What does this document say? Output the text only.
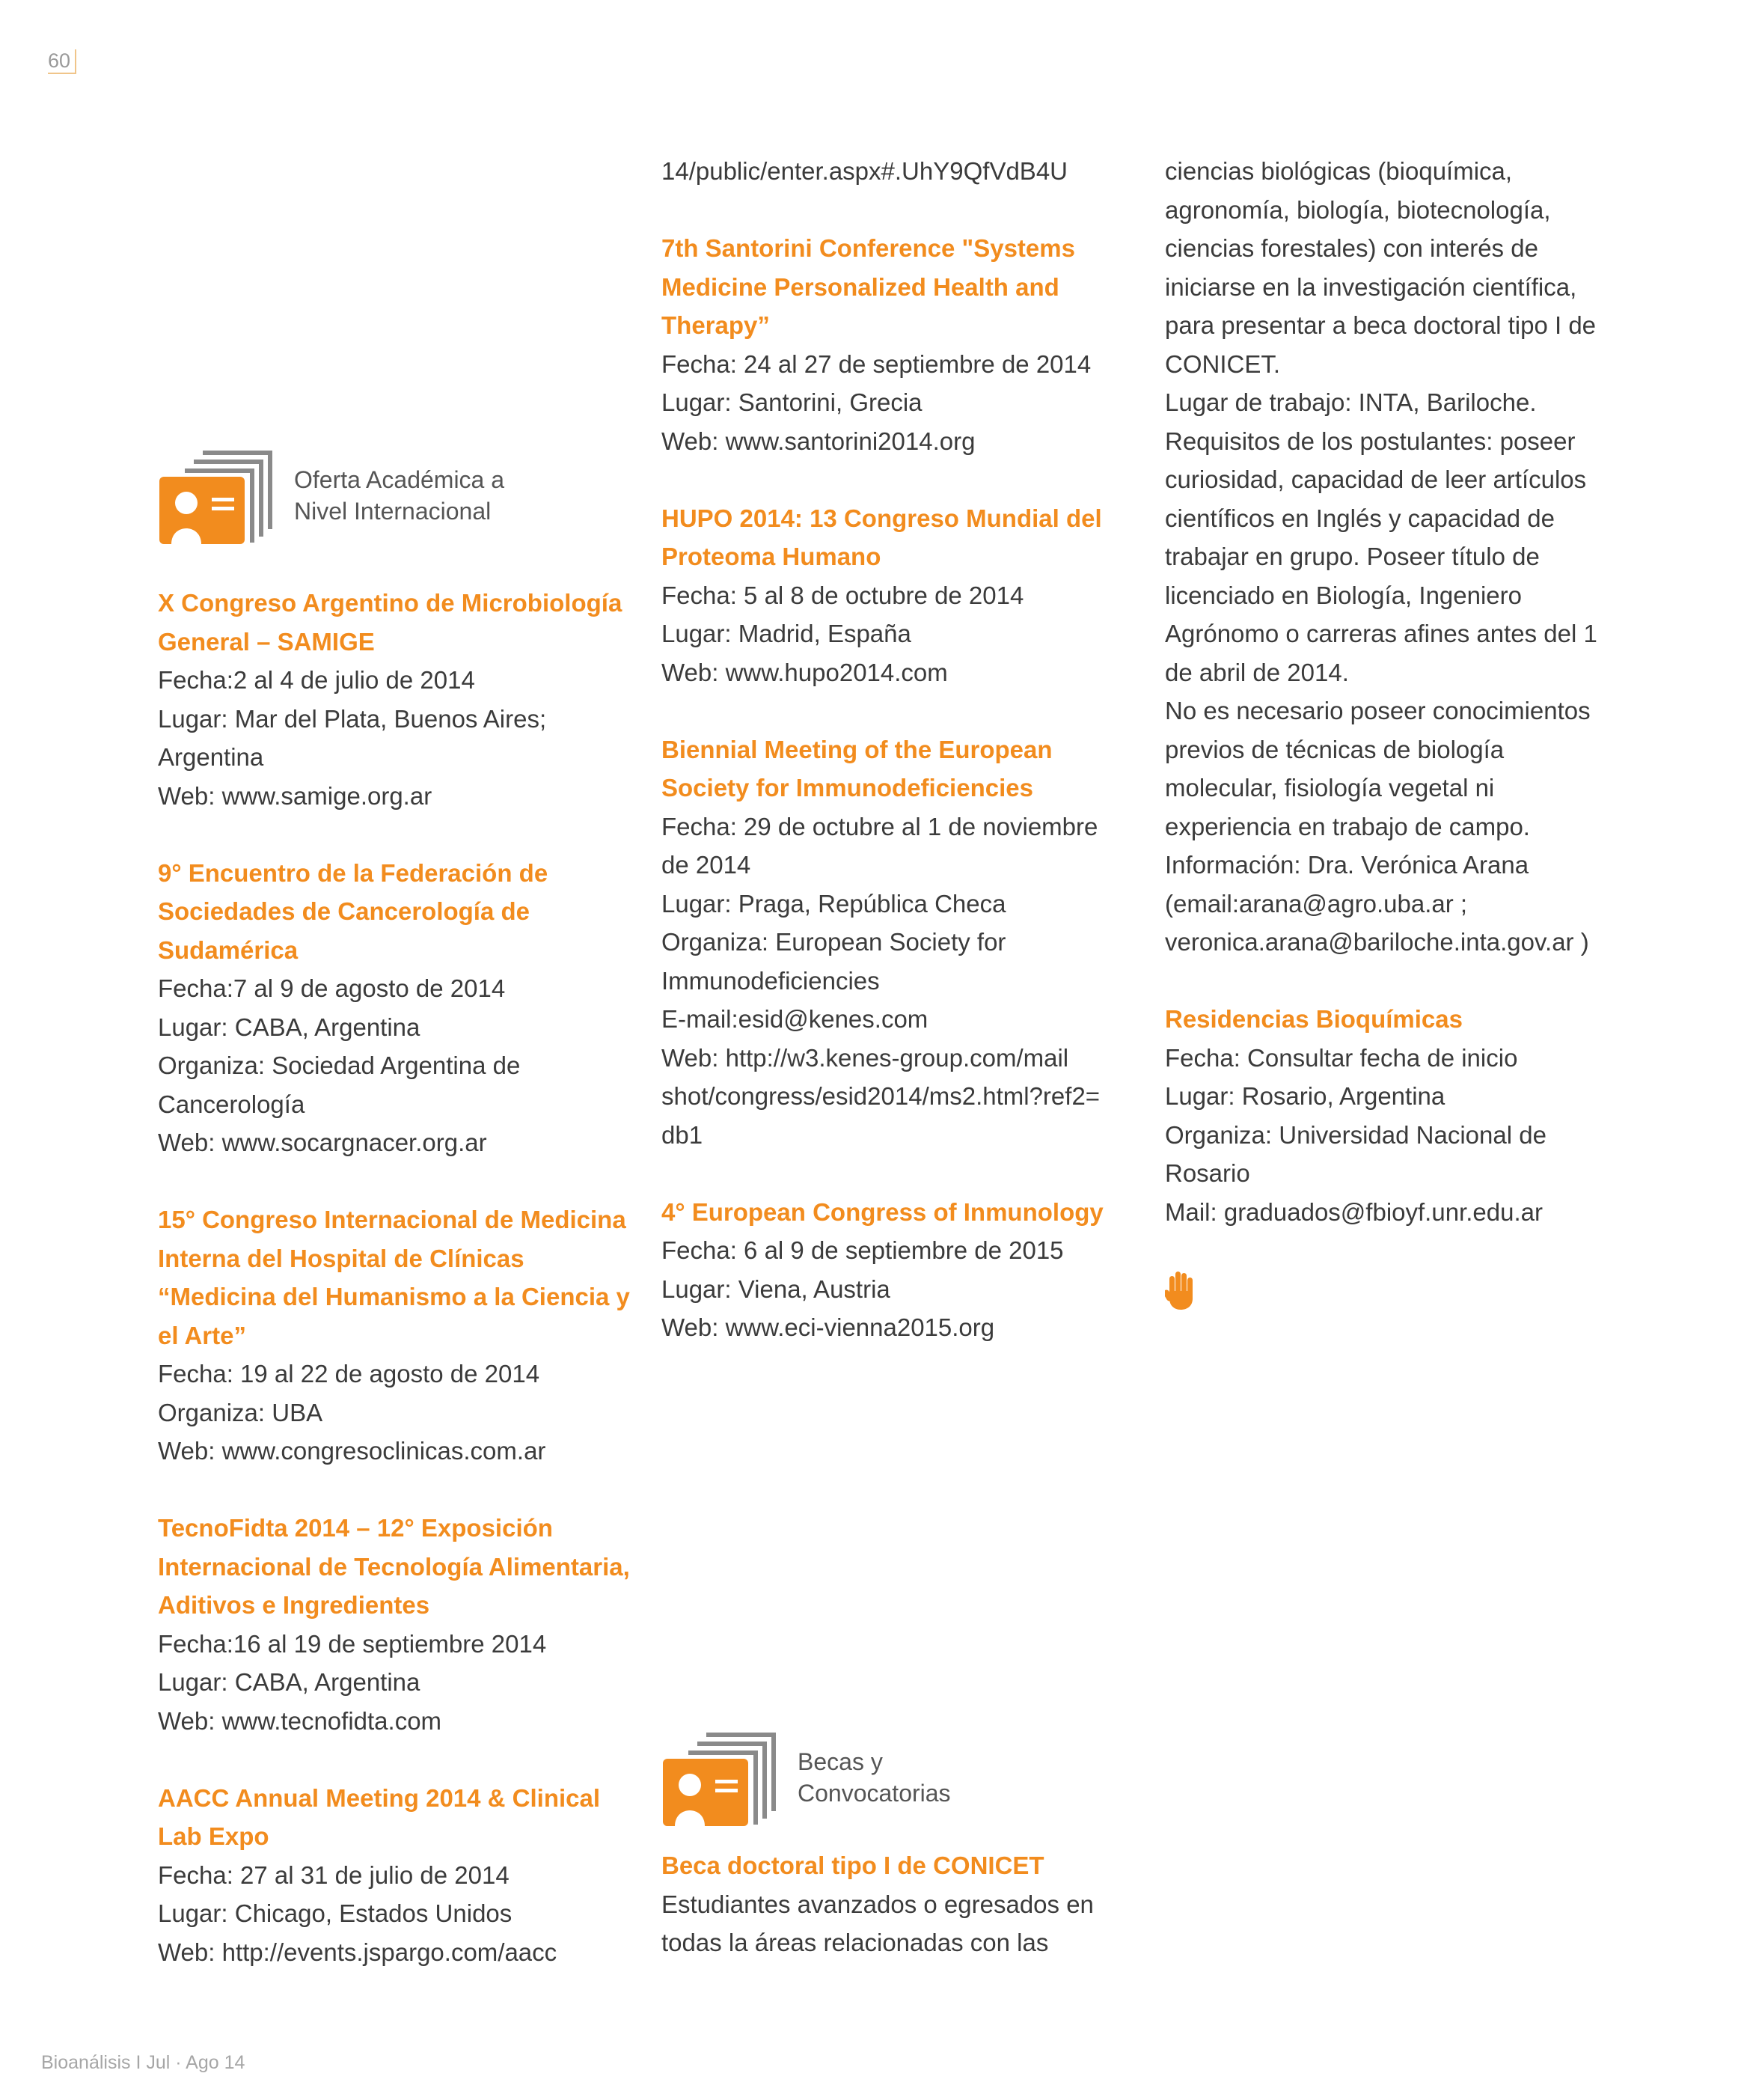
60
Oferta Académica a
Nivel Internacional
X Congreso Argentino de Microbiología
General – SAMIGE
Fecha:2 al 4 de julio de 2014
Lugar: Mar del Plata, Buenos Aires;
Argentina
Web: www.samige.org.ar
9° Encuentro de la Federación de
Sociedades de Cancerología de
Sudamérica
Fecha:7 al 9 de agosto de 2014
Lugar: CABA, Argentina
Organiza: Sociedad Argentina de
Cancerología
Web: www.socargnacer.org.ar
15° Congreso Internacional de Medicina
Interna del Hospital de Clínicas
“Medicina del Humanismo a la Ciencia y
el Arte”
Fecha: 19 al 22 de agosto de 2014
Organiza: UBA
Web: www.congresoclinicas.com.ar
TecnoFidta 2014 – 12° Exposición
Internacional de Tecnología Alimentaria,
Aditivos e Ingredientes
Fecha:16 al 19 de septiembre 2014
Lugar: CABA, Argentina
Web: www.tecnofidta.com
AACC Annual Meeting 2014 & Clinical
Lab Expo
Fecha: 27 al 31 de julio de 2014
Lugar: Chicago, Estados Unidos
Web: http://events.jspargo.com/aacc
14/public/enter.aspx#.UhY9QfVdB4U
7th Santorini Conference "Systems
Medicine Personalized Health and
Therapy”
Fecha: 24 al 27 de septiembre de 2014
Lugar: Santorini, Grecia
Web: www.santorini2014.org
HUPO 2014: 13 Congreso Mundial del
Proteoma Humano
Fecha: 5 al 8 de octubre de 2014
Lugar: Madrid, España
Web: www.hupo2014.com
Biennial Meeting of the European
Society for Immunodeficiencies
Fecha: 29 de octubre al 1 de noviembre
de 2014
Lugar: Praga, República Checa
Organiza: European Society for
Immunodeficiencies
E-mail:esid@kenes.com
Web: http://w3.kenes-group.com/mail
shot/congress/esid2014/ms2.html?ref2=
db1
4° European Congress of Inmunology
Fecha: 6 al 9 de septiembre de 2015
Lugar: Viena, Austria
Web: www.eci-vienna2015.org
Becas y
Convocatorias
Beca doctoral tipo I de CONICET
Estudiantes avanzados o egresados en
todas la áreas relacionadas con las
ciencias biológicas (bioquímica,
agronomía, biología, biotecnología,
ciencias forestales) con interés de
iniciarse en la investigación científica,
para presentar a beca doctoral tipo I de
CONICET.
Lugar de trabajo: INTA, Bariloche.
Requisitos de los postulantes: poseer
curiosidad, capacidad de leer artículos
científicos en Inglés y capacidad de
trabajar en grupo. Poseer título de
licenciado en Biología, Ingeniero
Agrónomo o carreras afines antes del 1
de abril de 2014.
No es necesario poseer conocimientos
previos de técnicas de biología
molecular, fisiología vegetal ni
experiencia en trabajo de campo.
Información: Dra. Verónica Arana
(email:arana@agro.uba.ar ;
veronica.arana@bariloche.inta.gov.ar )
Residencias Bioquímicas
Fecha: Consultar fecha de inicio
Lugar: Rosario, Argentina
Organiza: Universidad Nacional de
Rosario
Mail: graduados@fbioyf.unr.edu.ar
Bioanálisis I Jul · Ago 14
